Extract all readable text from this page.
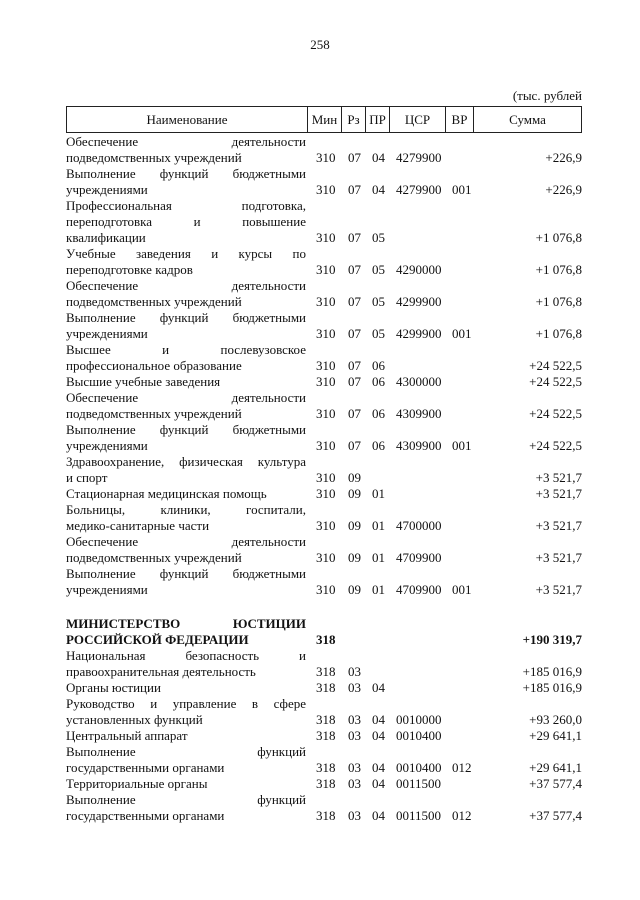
258
(тыс. рублей
Наименование	Мин Рз ПР	ЦСР	ВР	Сумма
Обеспечение деятельности
подведомственных учреждений	310 07 04 4279900	+226,9
Выполнение функций бюджетными
учреждениями	310 07 04 4279900 001	+226,9
Профессиональная подготовка,
переподготовка и повышение
квалификации	310 07 05	+1 076,8
Учебные заведения и курсы по
переподготовке кадров	310 07 05 4290000	+1 076,8
Обеспечение деятельности
подведомственных учреждений	310 07 05 4299900	+1 076,8
Выполнение функций бюджетными
учреждениями	310 07 05 4299900 001	+1 076,8
Высшее и послевузовское
профессиональное образование	310 07 06	+24 522,5
Высшие учебные заведения	310 07 06 4300000	+24 522,5
Обеспечение деятельности
подведомственных учреждений	310 07 06 4309900	+24 522,5
Выполнение функций бюджетными
учреждениями	310 07 06 4309900 001	+24 522,5
Здравоохранение, физическая культура
и спорт	310 09	+3 521,7
Стационарная медицинская помощь	310 09 01	+3 521,7
Больницы, клиники, госпитали,
медико-санитарные части	310 09 01 4700000	+3 521,7
Обеспечение деятельности
подведомственных учреждений	310 09 01 4709900	+3 521,7
Выполнение функций бюджетными
учреждениями	310 09 01 4709900 001	+3 521,7
МИНИСТЕРСТВО ЮСТИЦИИ
РОССИЙСКОЙ ФЕДЕРАЦИИ	318	+190 319,7
Национальная безопасность и
правоохранительная деятельность	318 03	+185 016,9
Органы юстиции	318 03 04	+185 016,9
Руководство и управление в сфере
установленных функций	318 03 04 0010000	+93 260,0
Центральный аппарат	318 03 04 0010400	+29 641,1
Выполнение функций
государственными органами	318 03 04 0010400 012	+29 641,1
Территориальные органы	318 03 04 0011500	+37 577,4
Выполнение функций
государственными органами	318 03 04 0011500 012	+37 577,4
